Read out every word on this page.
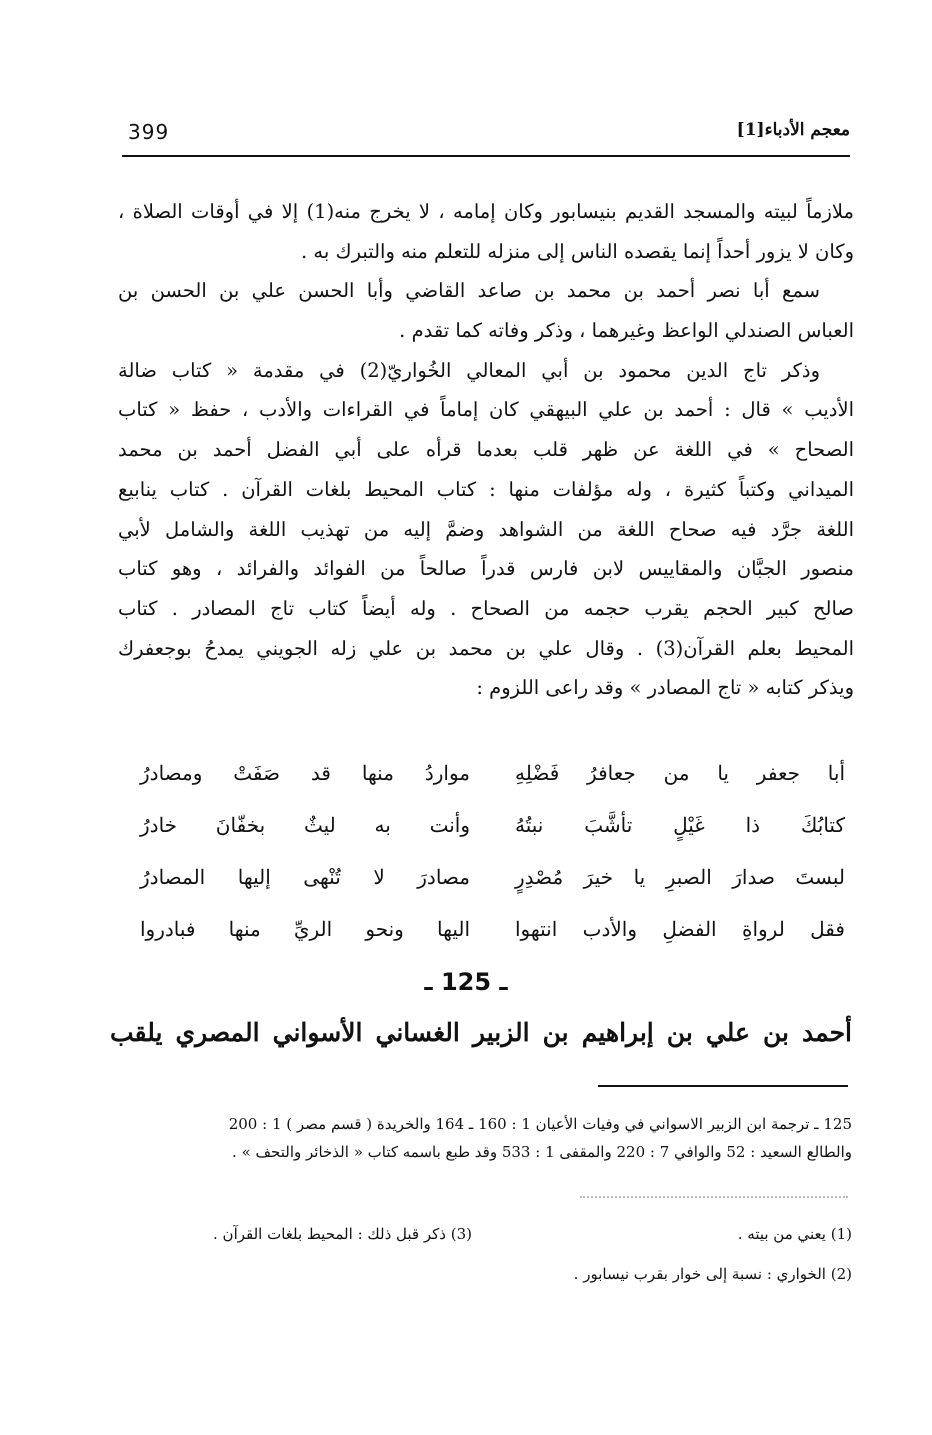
399	معجم الأدباء[1]
ملازماً لبيته والمسجد القديم بنيسابور وكان إمامه ، لا يخرج منه(1) إلا في أوقات الصلاة ،
وكان لا يزور أحداً إنما يقصده الناس إلى منزله للتعلم منه والتبرك به .
سمع أبا نصر أحمد بن محمد بن صاعد القاضي وأبا الحسن علي بن الحسن بن
العباس الصندلي الواعظ وغيرهما ، وذكر وفاته كما تقدم .
وذكر تاج الدين محمود بن أبي المعالي الخُواريّ(2) في مقدمة « كتاب ضالة
الأديب » قال : أحمد بن علي البيهقي كان إماماً في القراءات والأدب ، حفظ « كتاب
الصحاح » في اللغة عن ظهر قلب بعدما قرأه على أبي الفضل أحمد بن محمد
الميداني وكتباً كثيرة ، وله مؤلفات منها : كتاب المحيط بلغات القرآن . كتاب ينابيع
اللغة جرَّد فيه صحاح اللغة من الشواهد وضمَّ إليه من تهذيب اللغة والشامل لأبي
منصور الجبَّان والمقاييس لابن فارس قدراً صالحاً من الفوائد والفرائد ، وهو كتاب
صالح كبير الحجم يقرب حجمه من الصحاح . وله أيضاً كتاب تاج المصادر . كتاب
المحيط بعلم القرآن(3) . وقال علي بن محمد بن علي زله الجويني يمدحُ بوجعفرك
ويذكر كتابه « تاج المصادر » وقد راعى اللزوم :
أبا جعفر يا من جعافرُ فَضْلِهِ
مواردُ منها قد صَفَتْ ومصادرُ
كتابُكَ ذا غَيْلٍ تأشَّبَ نبتُهُ
وأنت به ليثٌ بخفّانَ خادرُ
لبستَ صدارَ الصبرِ يا خيرَ مُصْدِرٍ
مصادرَ لا تُنْهى إليها المصادرُ
فقل لرواةِ الفضلِ والأدب انتهوا
اليها ونحو الريِّ منها فبادروا
ـ 125 ـ
أحمد بن علي بن إبراهيم بن الزبير الغساني الأسواني المصري يلقب
125 ـ ترجمة ابن الزبير الاسواني في وفيات الأعيان 1 : 160 ـ 164 والخريدة ( قسم مصر ) 1 : 200
والطالع السعيد : 52 والوافي 7 : 220 والمقفى 1 : 533 وقد طبع باسمه كتاب « الذخائر والتحف » .
(1) يعني من بيته .
(3) ذكر قبل ذلك : المحيط بلغات القرآن .
(2) الخواري : نسبة إلى خوار بقرب نيسابور .
